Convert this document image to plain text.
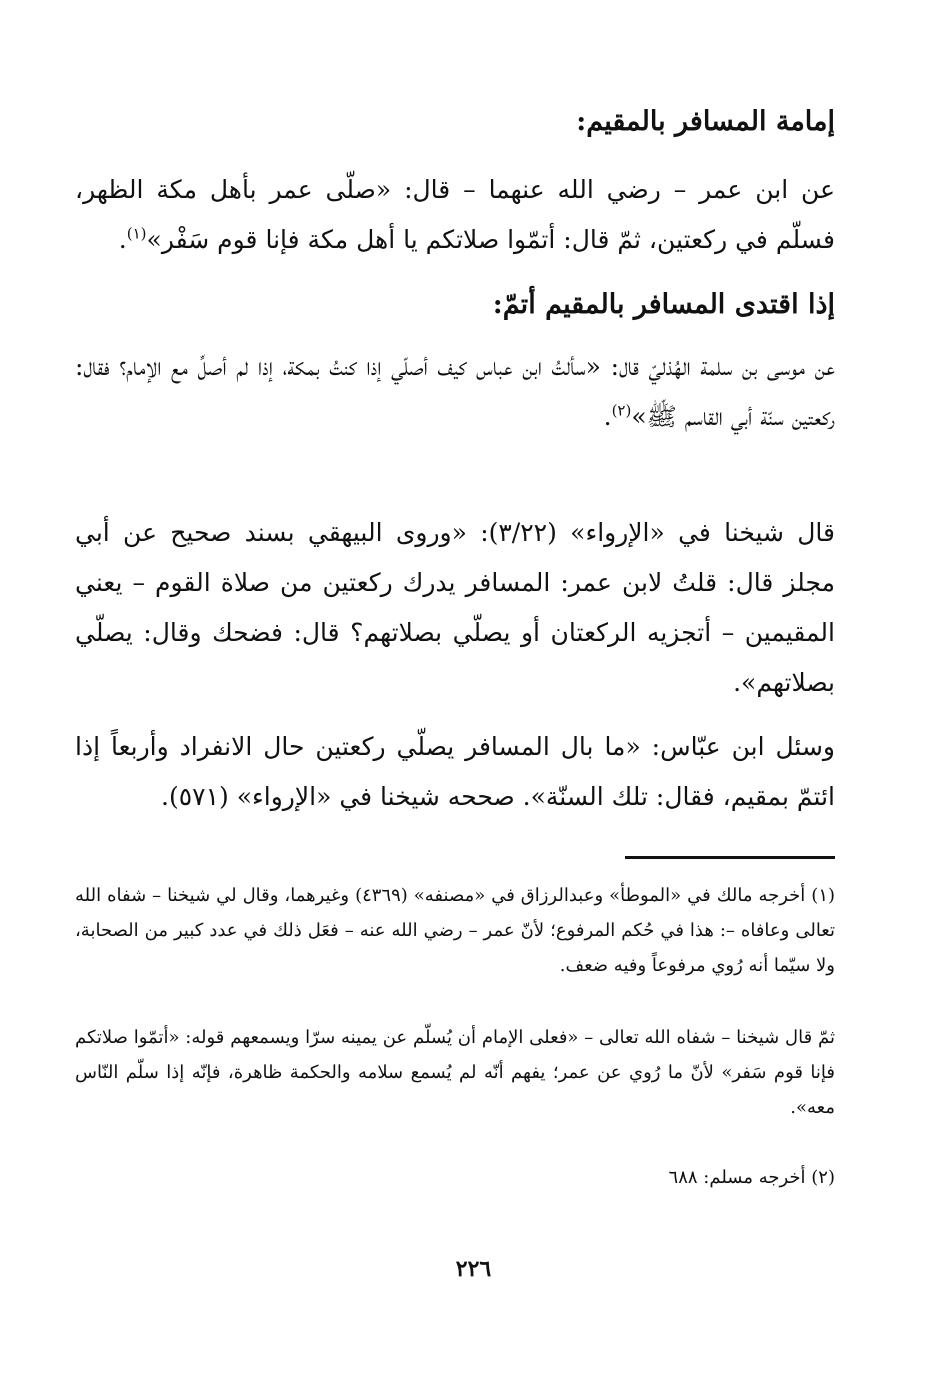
إمامة المسافر بالمقيم:
عن ابن عمر – رضي الله عنهما – قال: «صلّى عمر بأهل مكة الظهر، فسلّم في ركعتين، ثمّ قال: أتمّوا صلاتكم يا أهل مكة فإنا قوم سَفْر»$^{(١)}$.
إذا اقتدى المسافر بالمقيم أتمّ:
عن موسى بن سلمة الهُذليّ قال: «سألتُ ابن عباس كيف أصلّي إذا كنتُ بمكة، إذا لم أصلِّ مع الإمام؟ فقال: ركعتين سنّة أبي القاسم ﷺ»$^{(٢)}$.
قال شيخنا في «الإرواء» (٣/٢٢): «وروى البيهقي بسند صحيح عن أبي مجلز قال: قلتُ لابن عمر: المسافر يدرك ركعتين من صلاة القوم – يعني المقيمين – أتجزيه الركعتان أو يصلّي بصلاتهم؟ قال: فضحك وقال: يصلّي بصلاتهم».
وسئل ابن عبّاس: «ما بال المسافر يصلّي ركعتين حال الانفراد وأربعاً إذا ائتمّ بمقيم، فقال: تلك السنّة». صححه شيخنا في «الإرواء» (٥٧١).
(١) أخرجه مالك في «الموطأ» وعبدالرزاق في «مصنفه» (٤٣٦٩) وغيرهما، وقال لي شيخنا – شفاه الله تعالى وعافاه –: هذا في حُكم المرفوع؛ لأنّ عمر – رضي الله عنه – فعَل ذلك في عدد كبير من الصحابة، ولا سيّما أنه رُوي مرفوعاً وفيه ضعف.
ثمّ قال شيخنا – شفاه الله تعالى – «فعلى الإمام أن يُسلّم عن يمينه سرّا ويسمعهم قوله: «أتمّوا صلاتكم فإنا قوم سَفر» لأنّ ما رُوي عن عمر؛ يفهم أنّه لم يُسمع سلامه والحكمة ظاهرة، فإنّه إذا سلّم النّاس معه».
(٢) أخرجه مسلم: ٦٨٨
٢٢٦
